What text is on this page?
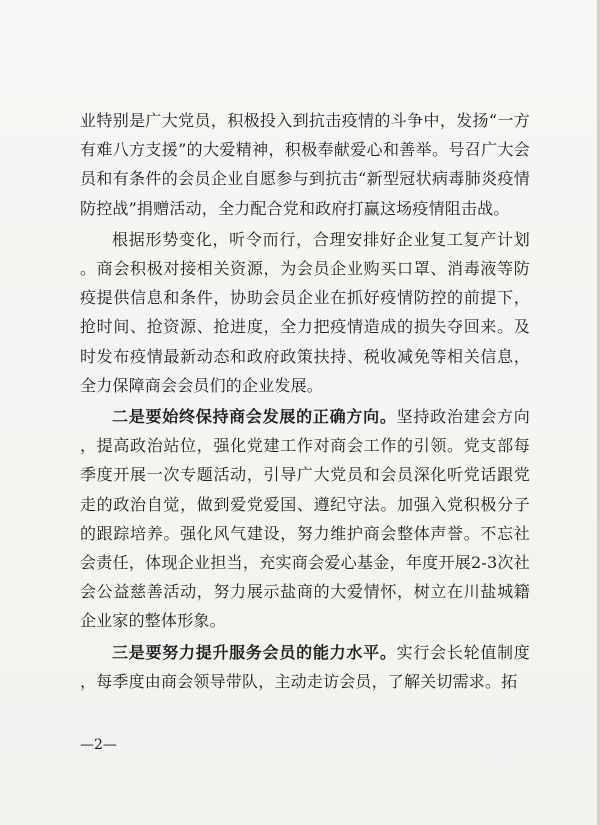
业特别是广大党员，积极投入到抗击疫情的斗争中，发扬“一方有难八方支援”的大爱精神，积极奉献爱心和善举。号召广大会员和有条件的会员企业自愿参与到抗击“新型冠状病毒肺炎疫情防控战”捐赠活动，全力配合党和政府打赢这场疫情阻击战。

根据形势变化，听令而行，合理安排好企业复工复产计划。商会积极对接相关资源，为会员企业购买口罩、消毒液等防疫提供信息和条件，协助会员企业在抓好疫情防控的前提下，抢时间、抢资源、抢进度，全力把疫情造成的损失夺回来。及时发布疫情最新动态和政府政策扶持、税收减免等相关信息，全力保障商会会员们的企业发展。

二是要始终保持商会发展的正确方向。坚持政治建会方向，提高政治站位，强化党建工作对商会工作的引领。党支部每季度开展一次专题活动，引导广大党员和会员深化听党话跟党走的政治自觉，做到爱党爱国、遵纪守法。加强入党积极分子的跟踪培养。强化风气建设，努力维护商会整体声誉。不忘社会责任，体现企业担当，充实商会爱心基金，年度开展2-3次社会公益慈善活动，努力展示盐商的大爱情怀，树立在川盐城籍企业家的整体形象。

三是要努力提升服务会员的能力水平。实行会长轮值制度，每季度由商会领导带队，主动走访会员，了解关切需求。拓

—2—
